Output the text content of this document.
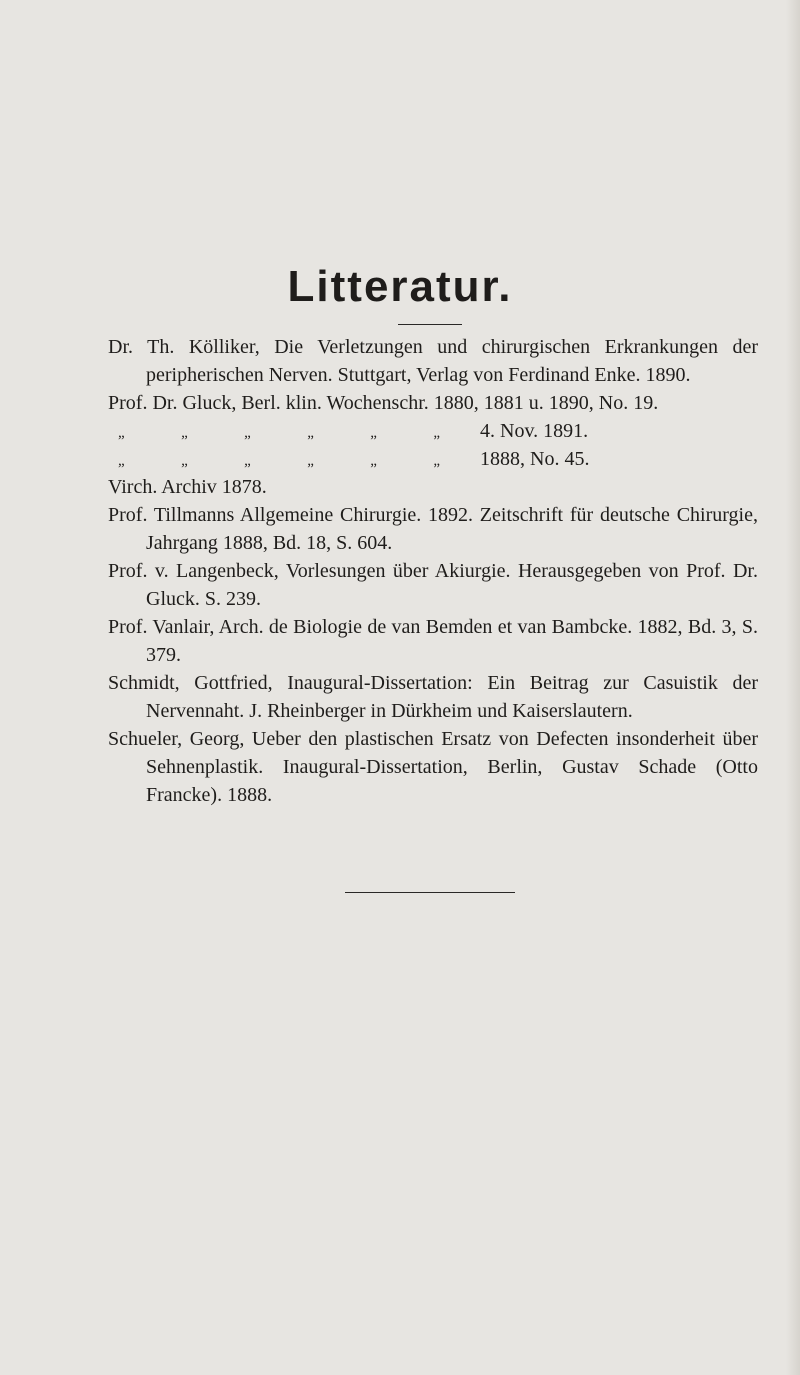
Litteratur.
Dr. Th. Kölliker, Die Verletzungen und chirurgischen Erkrankungen der peripherischen Nerven. Stuttgart, Verlag von Ferdinand Enke. 1890.
Prof. Dr. Gluck, Berl. klin. Wochenschr. 1880, 1881 u. 1890, No. 19.
„	„	„	„	„	„	4. Nov. 1891.
„	„	„	„	„	„	1888, No. 45.
Virch. Archiv 1878.
Prof. Tillmanns Allgemeine Chirurgie. 1892. Zeitschrift für deutsche Chirurgie, Jahrgang 1888, Bd. 18, S. 604.
Prof. v. Langenbeck, Vorlesungen über Akiurgie. Herausgegeben von Prof. Dr. Gluck. S. 239.
Prof. Vanlair, Arch. de Biologie de van Bemden et van Bambcke. 1882, Bd. 3, S. 379.
Schmidt, Gottfried, Inaugural-Dissertation: Ein Beitrag zur Casuistik der Nervennaht. J. Rheinberger in Dürkheim und Kaiserslautern.
Schueler, Georg, Ueber den plastischen Ersatz von Defecten insonderheit über Sehnenplastik. Inaugural-Dissertation, Berlin, Gustav Schade (Otto Francke). 1888.
